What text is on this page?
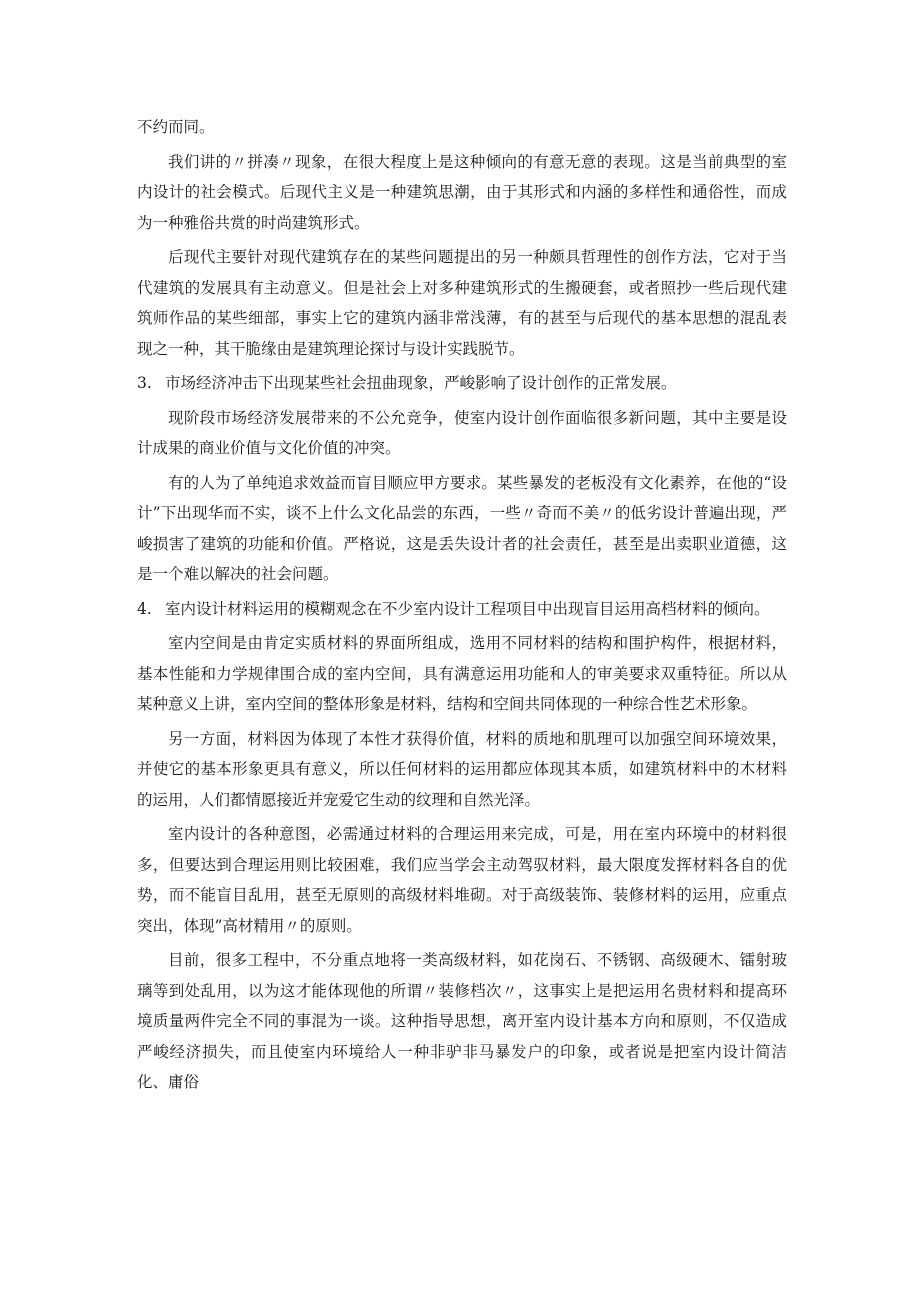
不约而同。

我们讲的〃拼凑〃现象，在很大程度上是这种倾向的有意无意的表现。这是当前典型的室内设计的社会模式。后现代主义是一种建筑思潮，由于其形式和内涵的多样性和通俗性，而成为一种雅俗共赏的时尚建筑形式。

后现代主要针对现代建筑存在的某些问题提出的另一种颇具哲理性的创作方法，它对于当代建筑的发展具有主动意义。但是社会上对多种建筑形式的生搬硬套，或者照抄一些后现代建筑师作品的某些细部，事实上它的建筑内涵非常浅薄，有的甚至与后现代的基本思想的混乱表现之一种，其干脆缘由是建筑理论探讨与设计实践脱节。

3. 市场经济冲击下出现某些社会扭曲现象，严峻影响了设计创作的正常发展。

现阶段市场经济发展带来的不公允竞争，使室内设计创作面临很多新问题，其中主要是设计成果的商业价值与文化价值的冲突。

有的人为了单纯追求效益而盲目顺应甲方要求。某些暴发的老板没有文化素养，在他的“设计”下出现华而不实，谈不上什么文化品尝的东西，一些〃奇而不美〃的低劣设计普遍出现，严峻损害了建筑的功能和价值。严格说，这是丢失设计者的社会责任，甚至是出卖职业道德，这是一个难以解决的社会问题。

4. 室内设计材料运用的模糊观念在不少室内设计工程项目中出现盲目运用高档材料的倾向。

室内空间是由肯定实质材料的界面所组成，选用不同材料的结构和围护构件，根据材料，基本性能和力学规律围合成的室内空间，具有满意运用功能和人的审美要求双重特征。所以从某种意义上讲，室内空间的整体形象是材料，结构和空间共同体现的一种综合性艺术形象。

另一方面，材料因为体现了本性才获得价值，材料的质地和肌理可以加强空间环境效果，并使它的基本形象更具有意义，所以任何材料的运用都应体现其本质，如建筑材料中的木材料的运用，人们都情愿接近并宠爱它生动的纹理和自然光泽。

室内设计的各种意图，必需通过材料的合理运用来完成，可是，用在室内环境中的材料很多，但要达到合理运用则比较困难，我们应当学会主动驾驭材料，最大限度发挥材料各自的优势，而不能盲目乱用，甚至无原则的高级材料堆砌。对于高级装饰、装修材料的运用，应重点突出，体现”高材精用〃的原则。

目前，很多工程中，不分重点地将一类高级材料，如花岗石、不锈钢、高级硬木、镭射玻璃等到处乱用，以为这才能体现他的所谓〃装修档次〃，这事实上是把运用名贵材料和提高环境质量两件完全不同的事混为一谈。这种指导思想，离开室内设计基本方向和原则，不仅造成严峻经济损失，而且使室内环境给人一种非驴非马暴发户的印象，或者说是把室内设计简洁化、庸俗
